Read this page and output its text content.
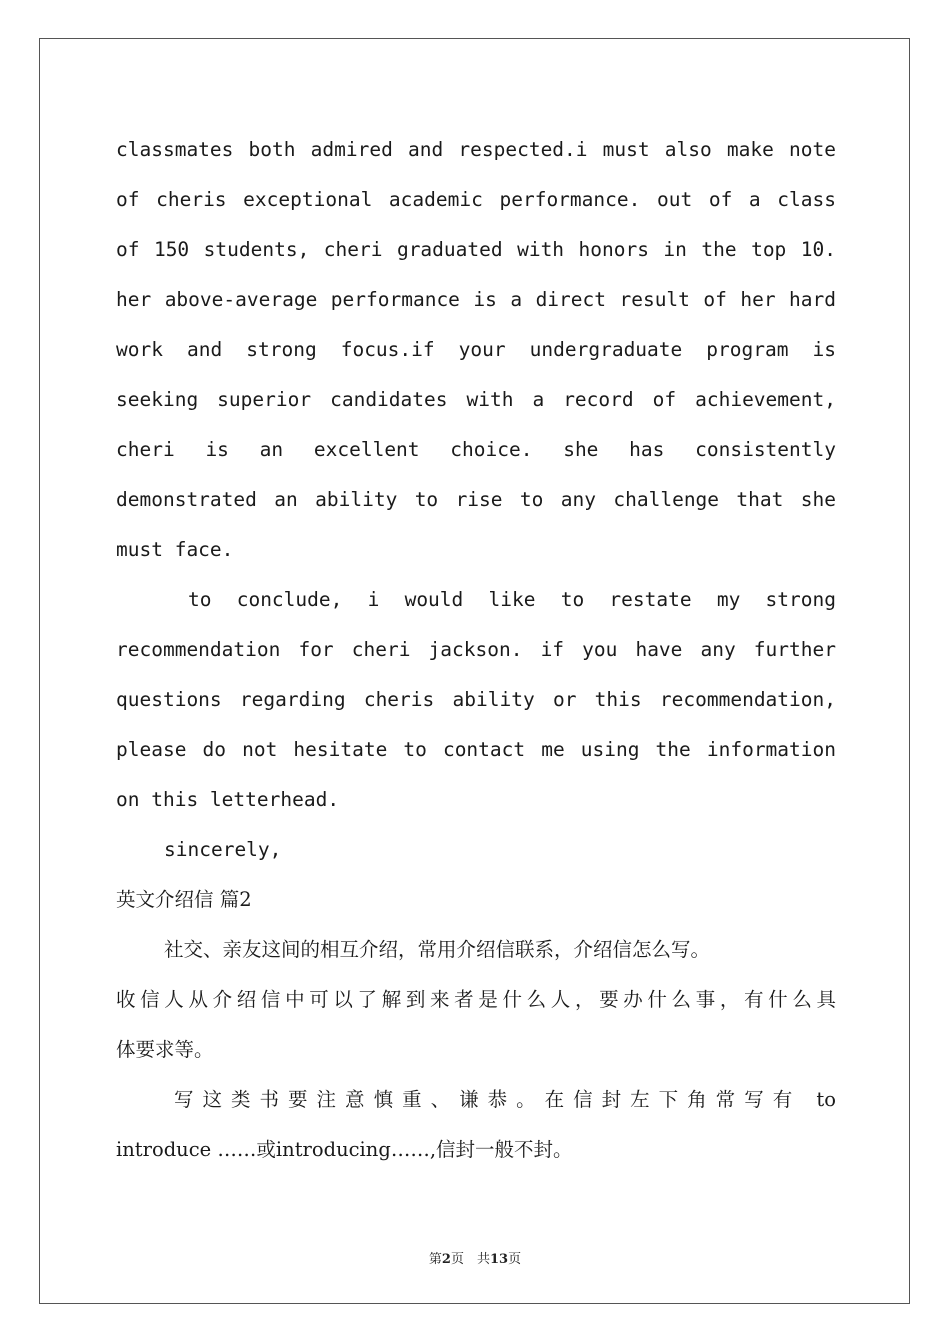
classmates both admired and respected.i must also make note
of cheris exceptional academic performance. out of a class
of 150 students, cheri graduated with honors in the top 10.
her above-average performance is a direct result of her hard
work and strong focus.if your undergraduate program is
seeking superior candidates with a record of achievement,
cheri is an excellent choice. she has consistently
demonstrated an ability to rise to any challenge that she
must face.
to conclude, i would like to restate my strong
recommendation for cheri jackson. if you have any further
questions regarding cheris ability or this recommendation,
please do not hesitate to contact me using the information
on this letterhead.
sincerely,
英文介绍信 篇2
社交、亲友这间的相互介绍，常用介绍信联系，介绍信怎么写。
收信人从介绍信中可以了解到来者是什么人，要办什么事，有什么具
体要求等。
写这类书要注意慎重、谦恭。在信封左下角常写有 to
introduce ……或introducing……,信封一般不封。
第2页　共13页
